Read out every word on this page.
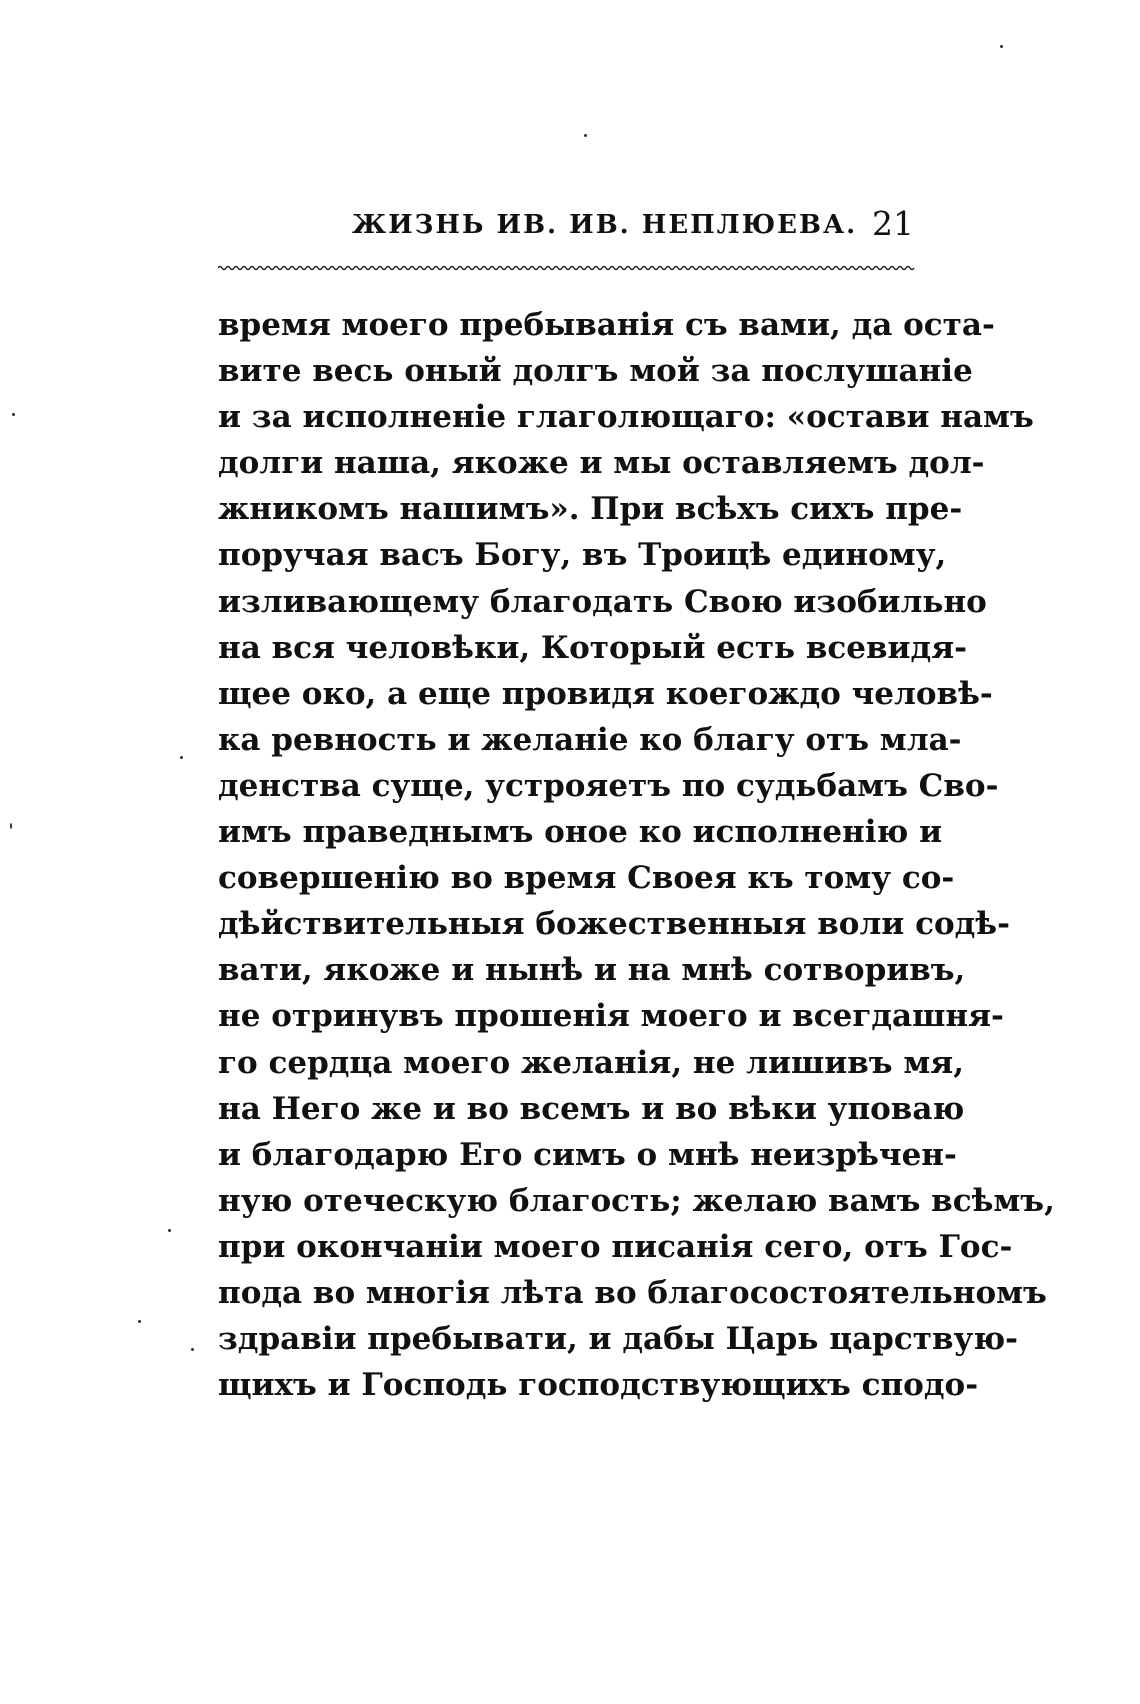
ЖИЗНЬ ИВ. ИВ. НЕПЛЮЕВА. 21
время моего пребыванія съ вами, да оста-
вите весь оный долгъ мой за послушаніе
и за исполненіе глаголющаго: «остави намъ
долги наша, якоже и мы оставляемъ дол-
жникомъ нашимъ». При всѣхъ сихъ пре-
поручая васъ Богу, въ Троицѣ единому,
изливающему благодать Свою изобильно
на вся человѣки, Который есть всевидя-
щее око, а еще провидя коегождо человѣ-
ка ревность и желаніе ко благу отъ мла-
денства суще, устрояетъ по судьбамъ Сво-
имъ праведнымъ оное ко исполненію и
совершенію во время Своея къ тому со-
дѣйствительныя божественныя воли содѣ-
вати, якоже и нынѣ и на мнѣ сотворивъ,
не отринувъ прошенія моего и всегдашня-
го сердца моего желанія, не лишивъ мя,
на Него же и во всемъ и во вѣки уповаю
и благодарю Его симъ о мнѣ неизрѣчен-
ную отеческую благость; желаю вамъ всѣмъ,
при окончаніи моего писанія сего, отъ Гос-
пода во многія лѣта во благосостоятельномъ
здравіи пребывати, и дабы Царь царствую-
щихъ и Господь господствующихъ сподо-
